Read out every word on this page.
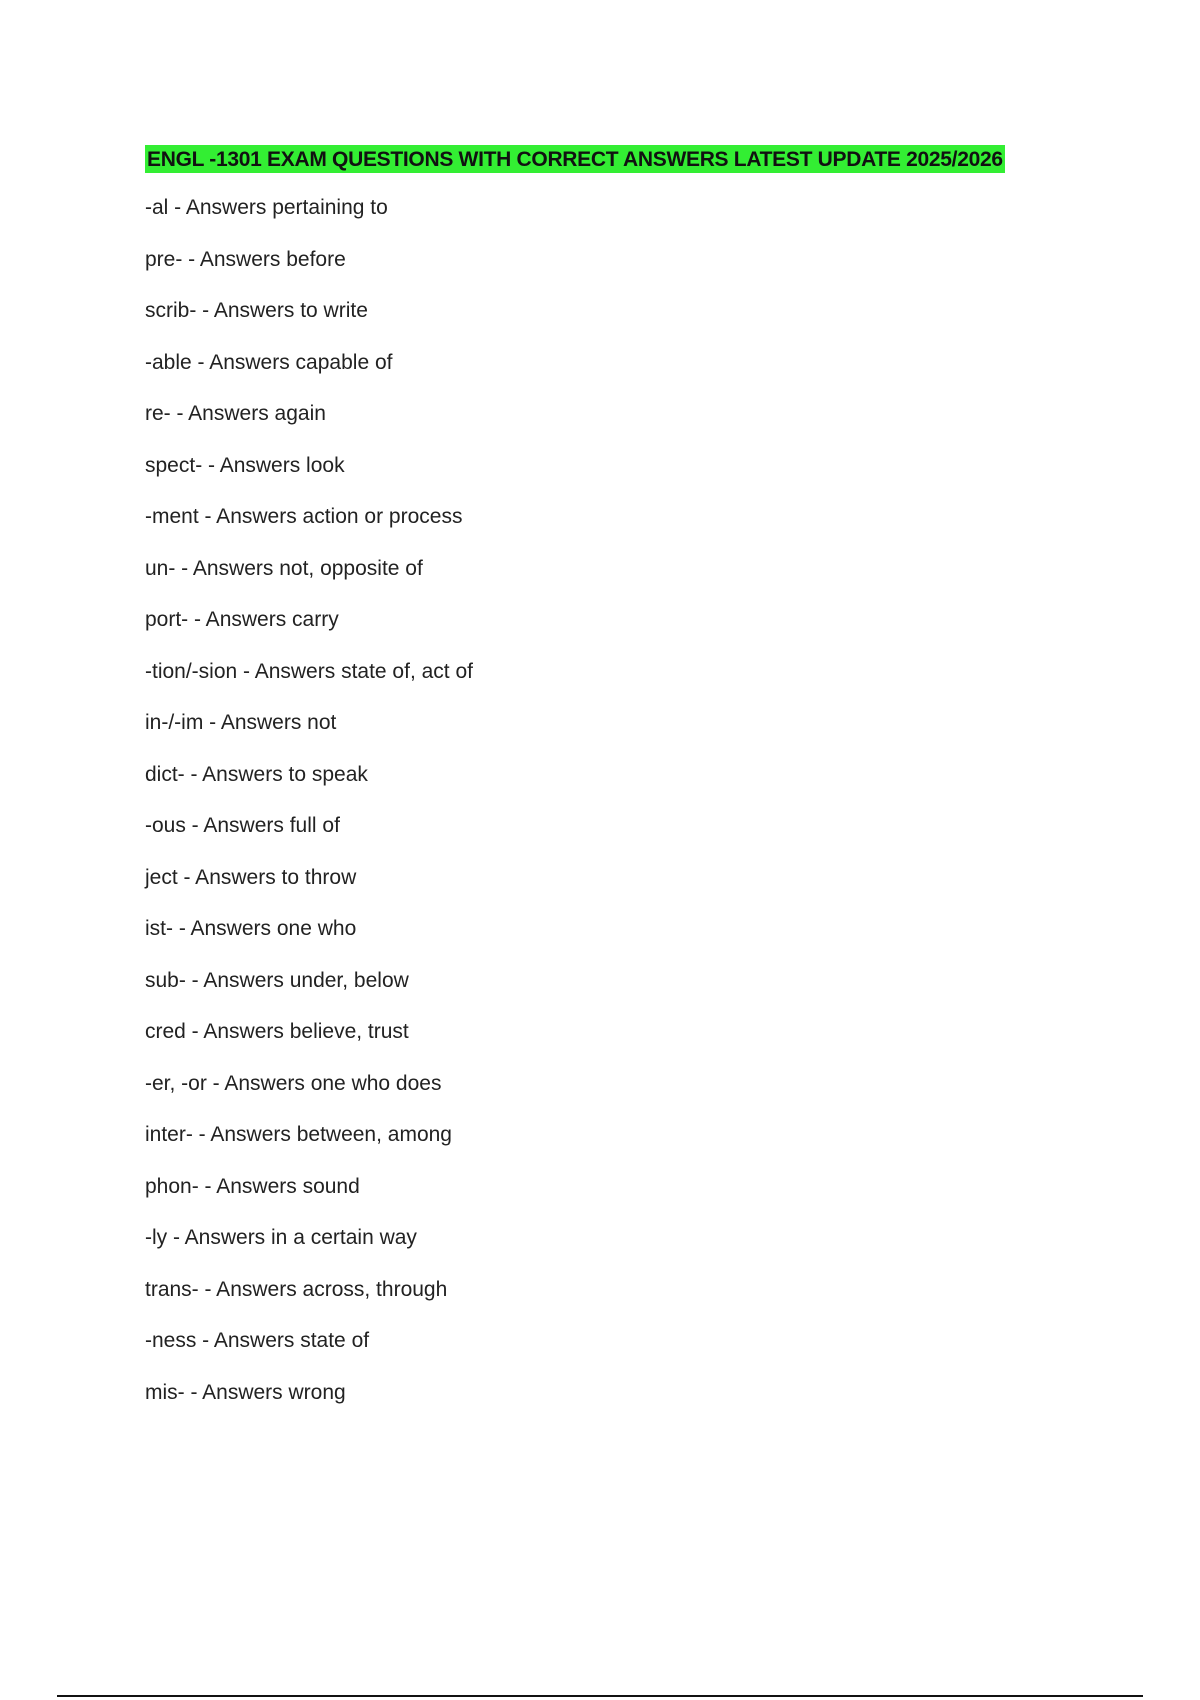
ENGL -1301 EXAM QUESTIONS WITH CORRECT ANSWERS LATEST UPDATE 2025/2026
-al - Answers pertaining to
pre- - Answers before
scrib- - Answers to write
-able - Answers capable of
re- - Answers again
spect- - Answers look
-ment - Answers action or process
un- - Answers not, opposite of
port- - Answers carry
-tion/-sion - Answers state of, act of
in-/-im - Answers not
dict- - Answers to speak
-ous - Answers full of
ject - Answers to throw
ist- - Answers one who
sub- - Answers under, below
cred - Answers believe, trust
-er, -or - Answers one who does
inter- - Answers between, among
phon- - Answers sound
-ly - Answers in a certain way
trans- - Answers across, through
-ness - Answers state of
mis- - Answers wrong
